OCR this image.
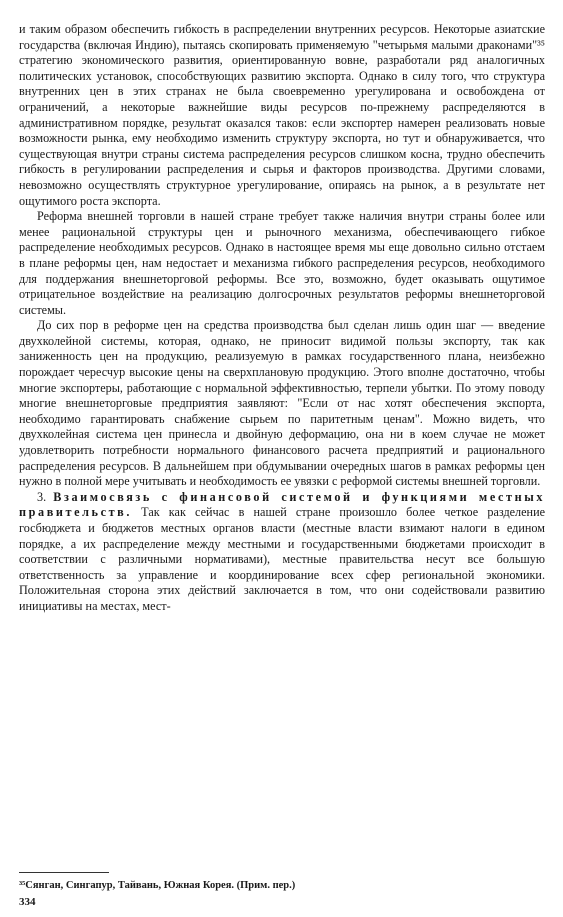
и таким образом обеспечить гибкость в распределении внутренних ресурсов. Некоторые азиатские государства (включая Индию), пытаясь скопировать применяемую "четырьмя малыми драконами"³⁵ стратегию экономического развития, ориентированную вовне, разработали ряд аналогичных политических установок, способствующих развитию экспорта. Однако в силу того, что структура внутренних цен в этих странах не была своевременно урегулирована и освобождена от ограничений, а некоторые важнейшие виды ресурсов по-прежнему распределяются в административном порядке, результат оказался таков: если экспортер намерен реализовать новые возможности рынка, ему необходимо изменить структуру экспорта, но тут и обнаруживается, что существующая внутри страны система распределения ресурсов слишком косна, трудно обеспечить гибкость в регулировании распределения и сырья и факторов производства. Другими словами, невозможно осуществлять структурное урегулирование, опираясь на рынок, а в результате нет ощутимого роста экспорта.

Реформа внешней торговли в нашей стране требует также наличия внутри страны более или менее рациональной структуры цен и рыночного механизма, обеспечивающего гибкое распределение необходимых ресурсов. Однако в настоящее время мы еще довольно сильно отстаем в плане реформы цен, нам недостает и механизма гибкого распределения ресурсов, необходимого для поддержания внешнеторговой реформы. Все это, возможно, будет оказывать ощутимое отрицательное воздействие на реализацию долгосрочных результатов реформы внешнеторговой системы.

До сих пор в реформе цен на средства производства был сделан лишь один шаг — введение двухколейной системы, которая, однако, не приносит видимой пользы экспорту, так как заниженность цен на продукцию, реализуемую в рамках государственного плана, неизбежно порождает чересчур высокие цены на сверхплановую продукцию. Этого вполне достаточно, чтобы многие экспортеры, работающие с нормальной эффективностью, терпели убытки. По этому поводу многие внешнеторговые предприятия заявляют: "Если от нас хотят обеспечения экспорта, необходимо гарантировать снабжение сырьем по паритетным ценам". Можно видеть, что двухколейная система цен принесла и двойную деформацию, она ни в коем случае не может удовлетворить потребности нормального финансового расчета предприятий и рационального распределения ресурсов. В дальнейшем при обдумывании очередных шагов в рамках реформы цен нужно в полной мере учитывать и необходимость ее увязки с реформой системы внешней торговли.

3. Взаимосвязь с финансовой системой и функциями местных правительств. Так как сейчас в нашей стране произошло более четкое разделение госбюджета и бюджетов местных органов власти (местные власти взимают налоги в едином порядке, а их распределение между местными и государственными бюджетами происходит в соответствии с различными нормативами), местные правительства несут все большую ответственность за управление и координирование всех сфер региональной экономики. Положительная сторона этих действий заключается в том, что они содействовали развитию инициативы на местах, мест-

³⁵Сянган, Сингапур, Тайвань, Южная Корея. (Прим. пер.)
334
